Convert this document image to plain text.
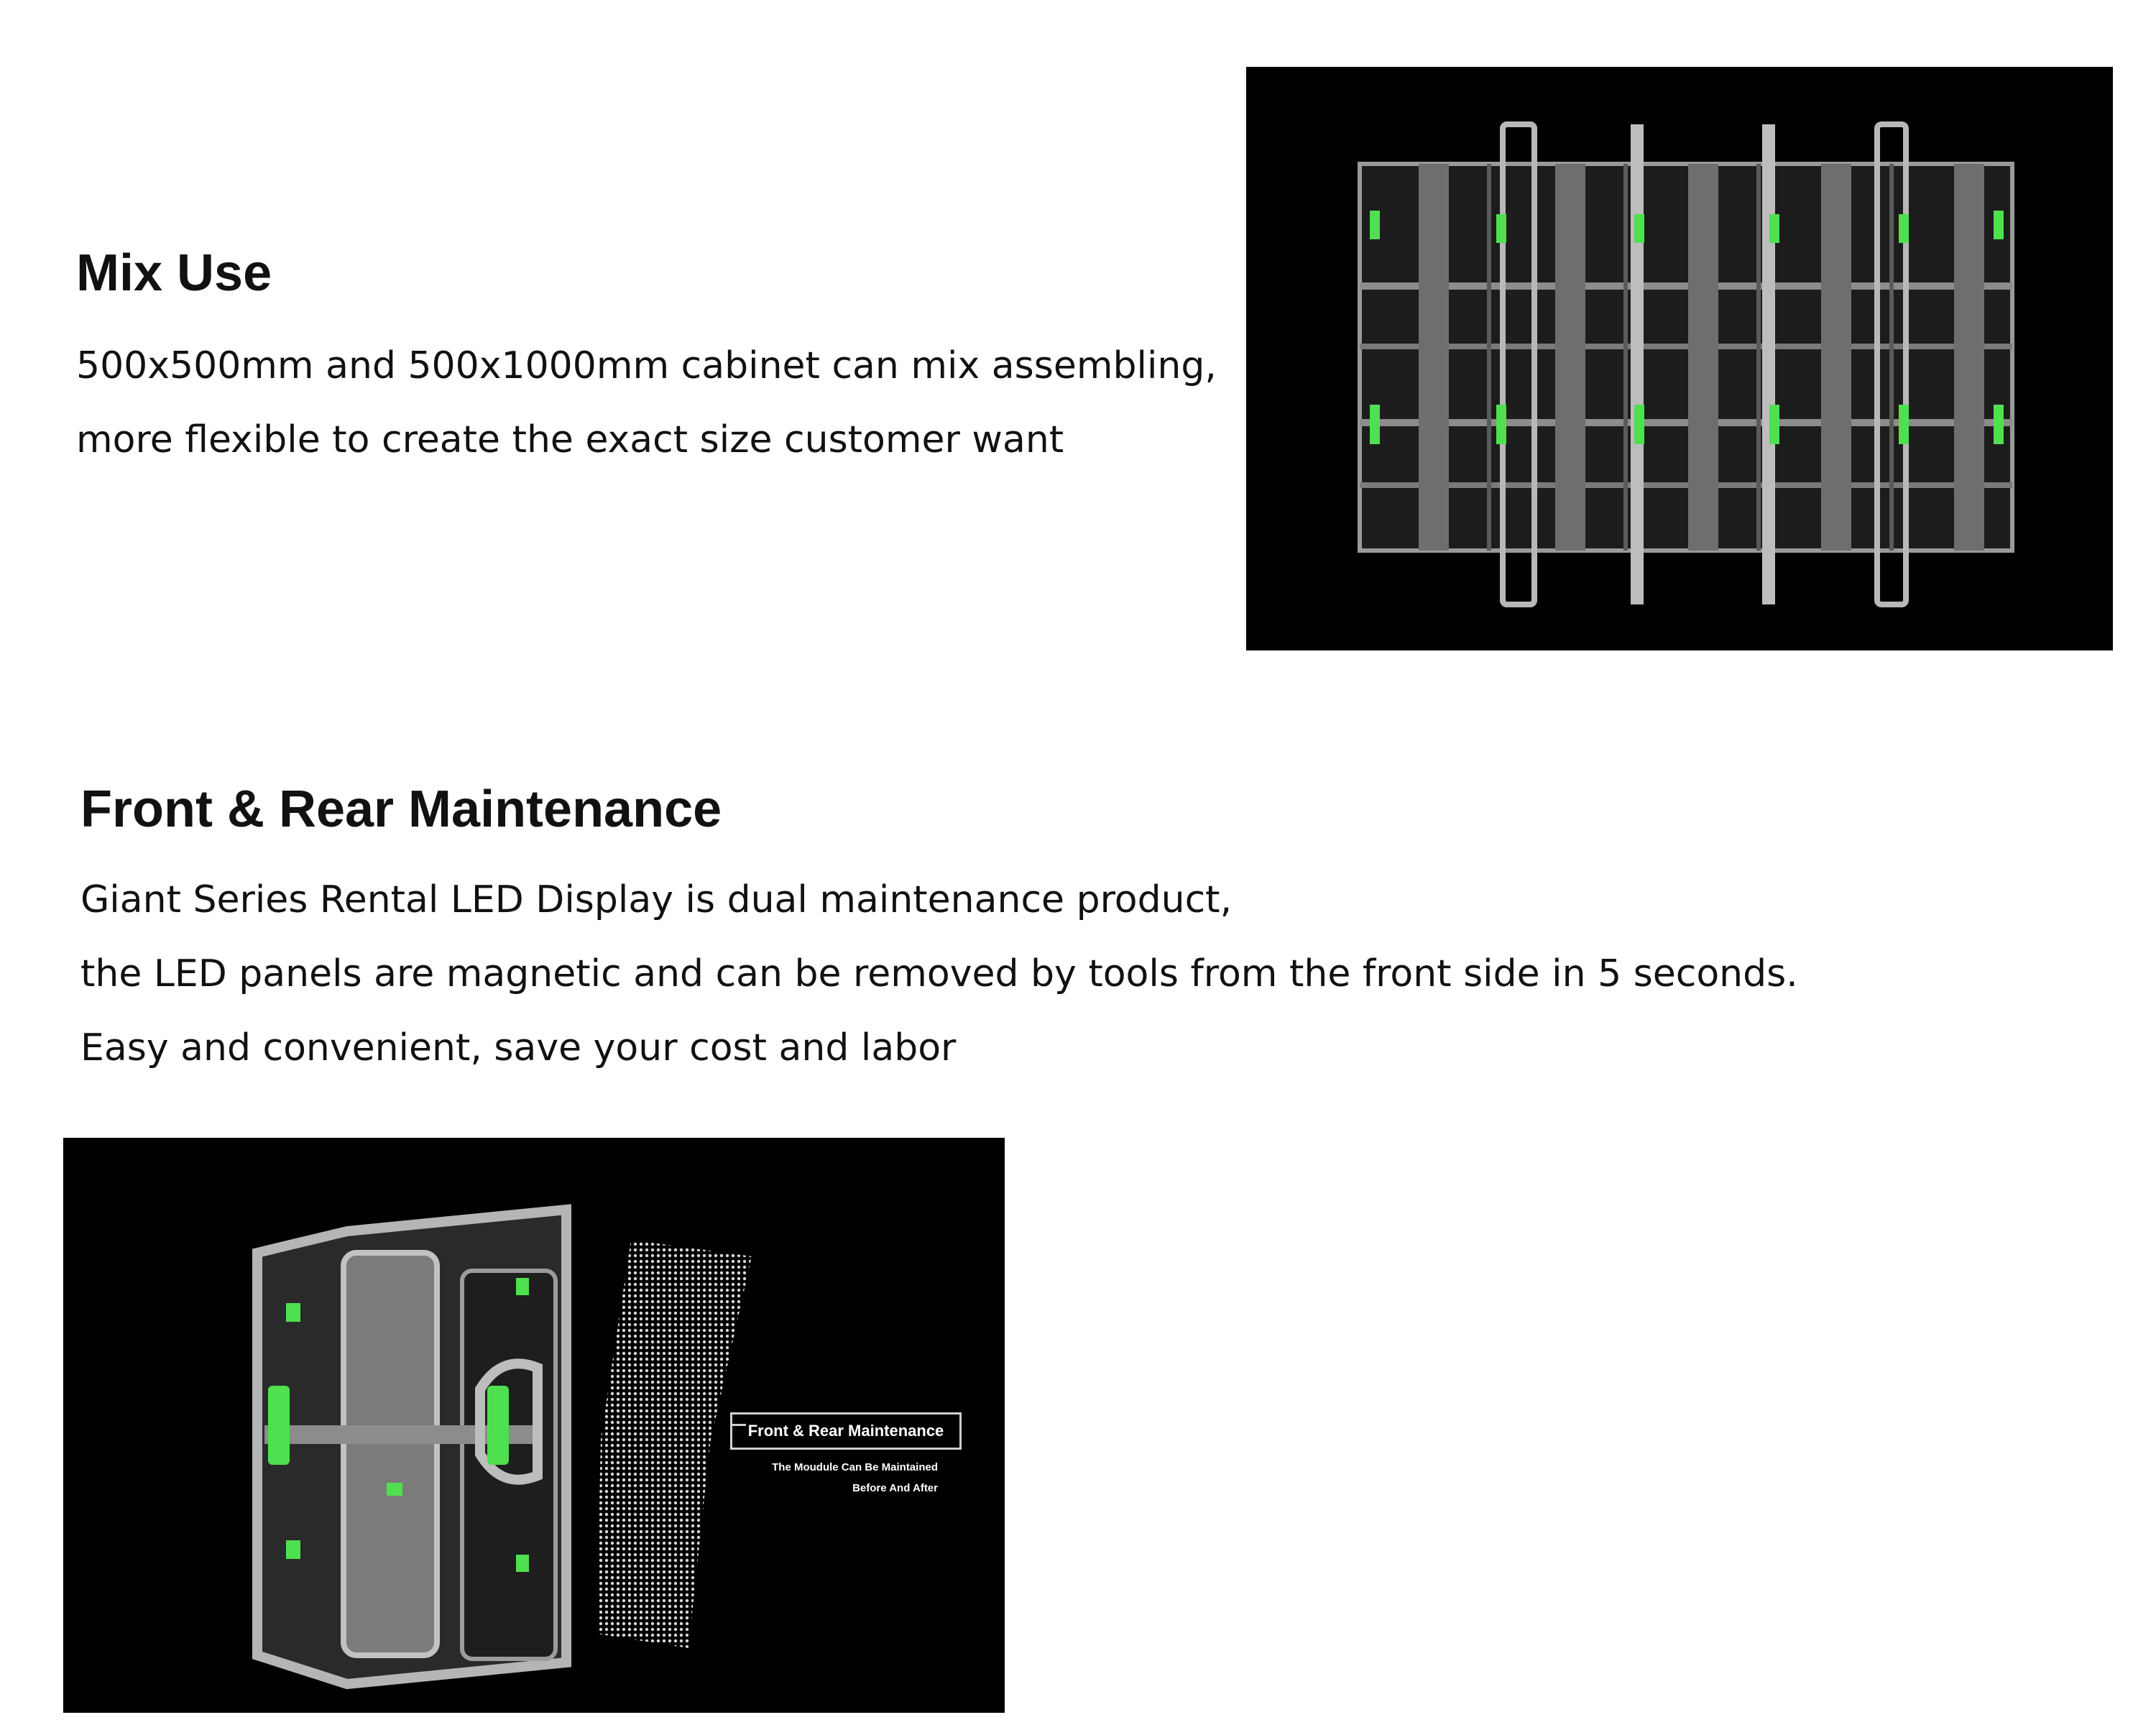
Mix Use

500x500mm and 500x1000mm cabinet can mix assembling,
more flexible to create the exact size customer want

Front & Rear Maintenance

Giant Series Rental LED Display is dual maintenance product,
the LED panels are magnetic and can be removed by tools from the front side in 5 seconds.
Easy and convenient, save your cost and labor

Front & Rear Maintenance
The Moudule Can Be Maintained
Before And After
